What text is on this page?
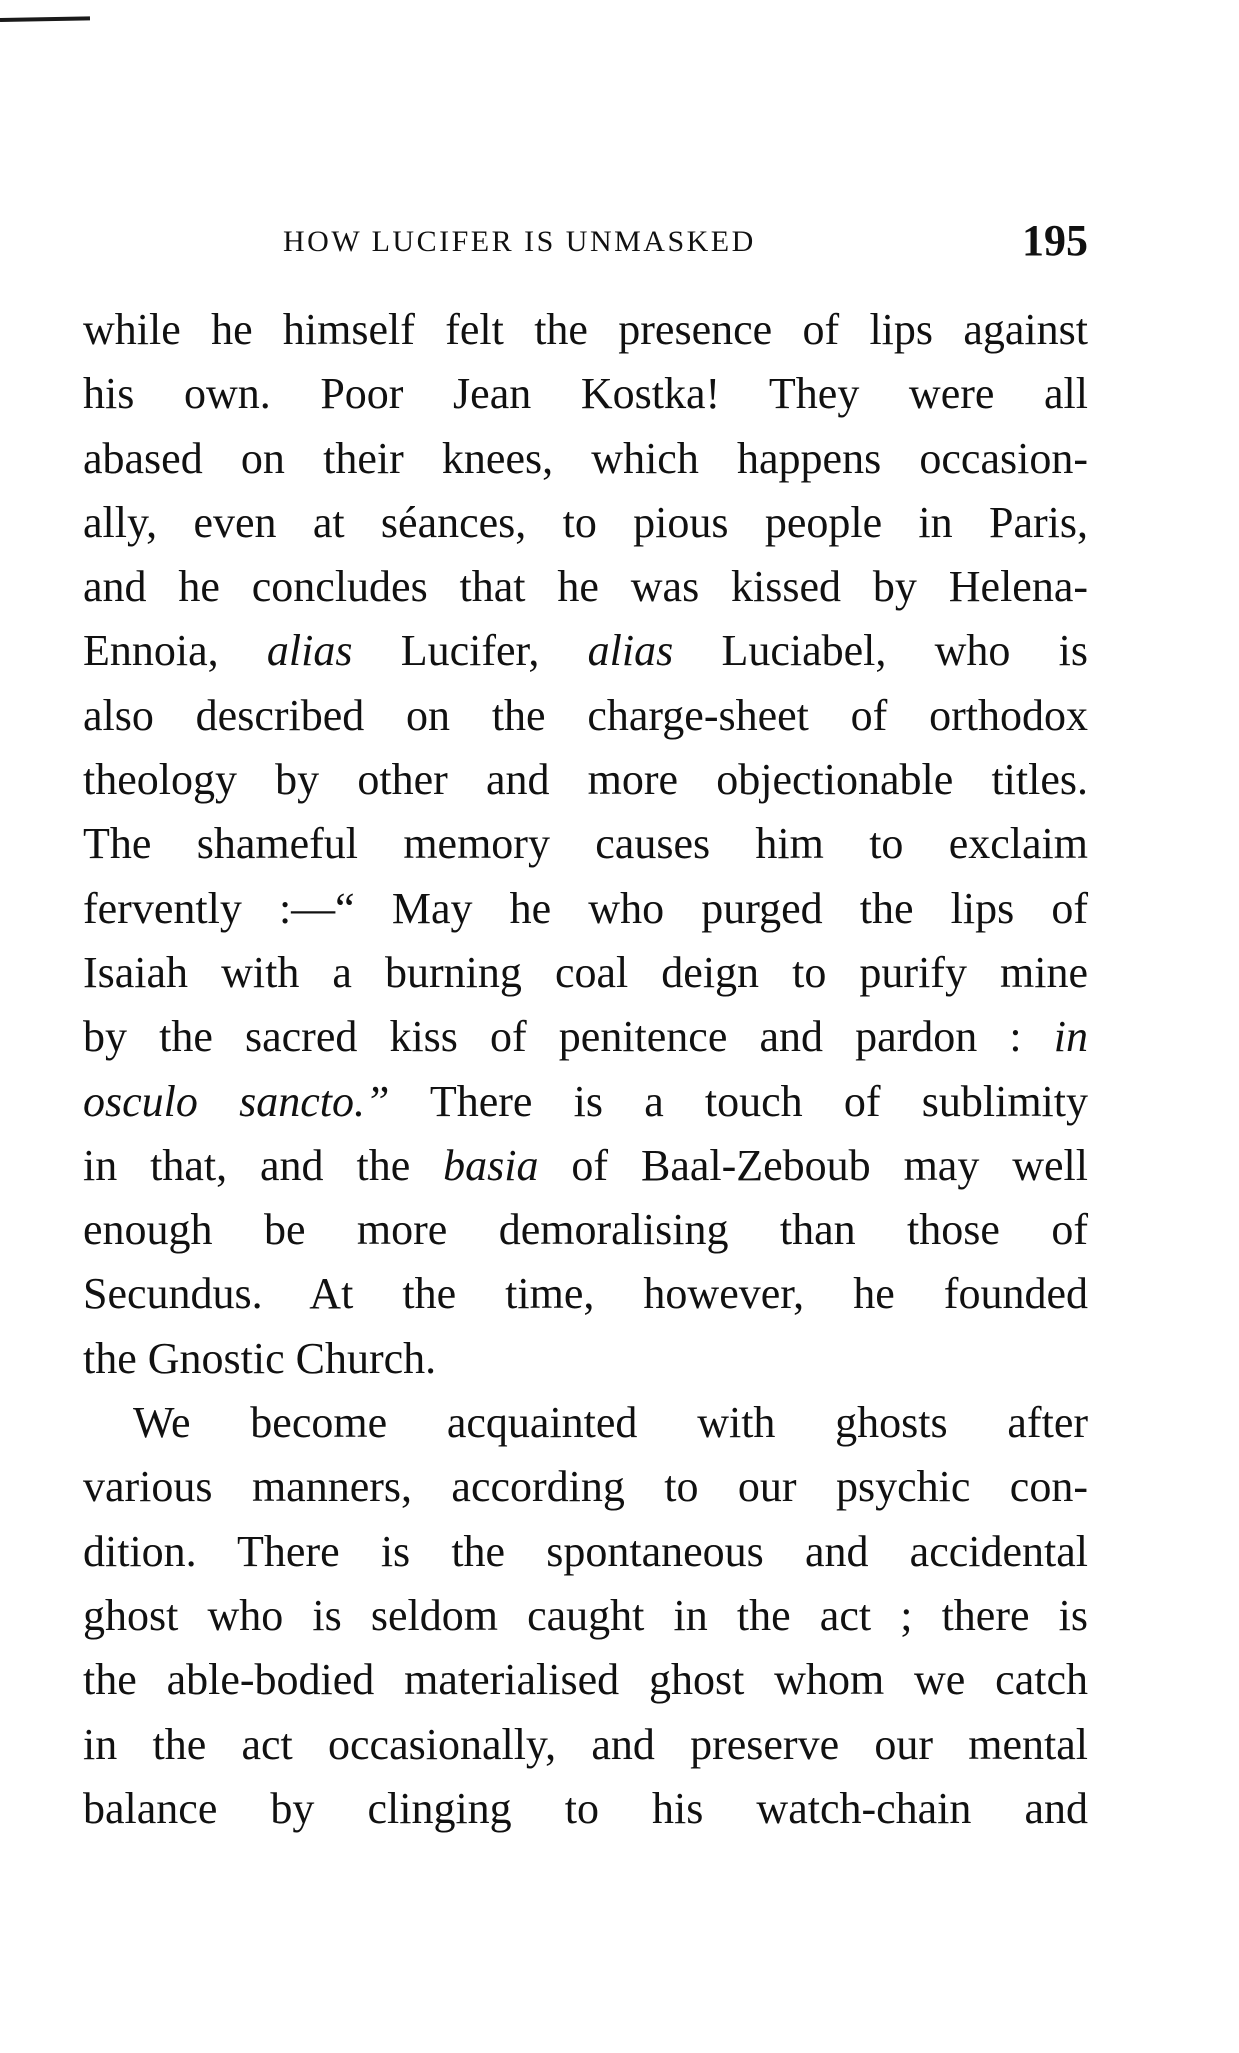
HOW LUCIFER IS UNMASKED	195
while he himself felt the presence of lips against
his own. Poor Jean Kostka! They were all
abased on their knees, which happens occasion-
ally, even at séances, to pious people in Paris,
and he concludes that he was kissed by Helena-
Ennoia, alias Lucifer, alias Luciabel, who is
also described on the charge-sheet of orthodox
theology by other and more objectionable titles.
The shameful memory causes him to exclaim
fervently :—“ May he who purged the lips of
Isaiah with a burning coal deign to purify mine
by the sacred kiss of penitence and pardon : in
osculo sancto.” There is a touch of sublimity
in that, and the basia of Baal-Zeboub may well
enough be more demoralising than those of
Secundus. At the time, however, he founded
the Gnostic Church.
We become acquainted with ghosts after
various manners, according to our psychic con-
dition. There is the spontaneous and accidental
ghost who is seldom caught in the act ; there is
the able-bodied materialised ghost whom we catch
in the act occasionally, and preserve our mental
balance by clinging to his watch-chain and
